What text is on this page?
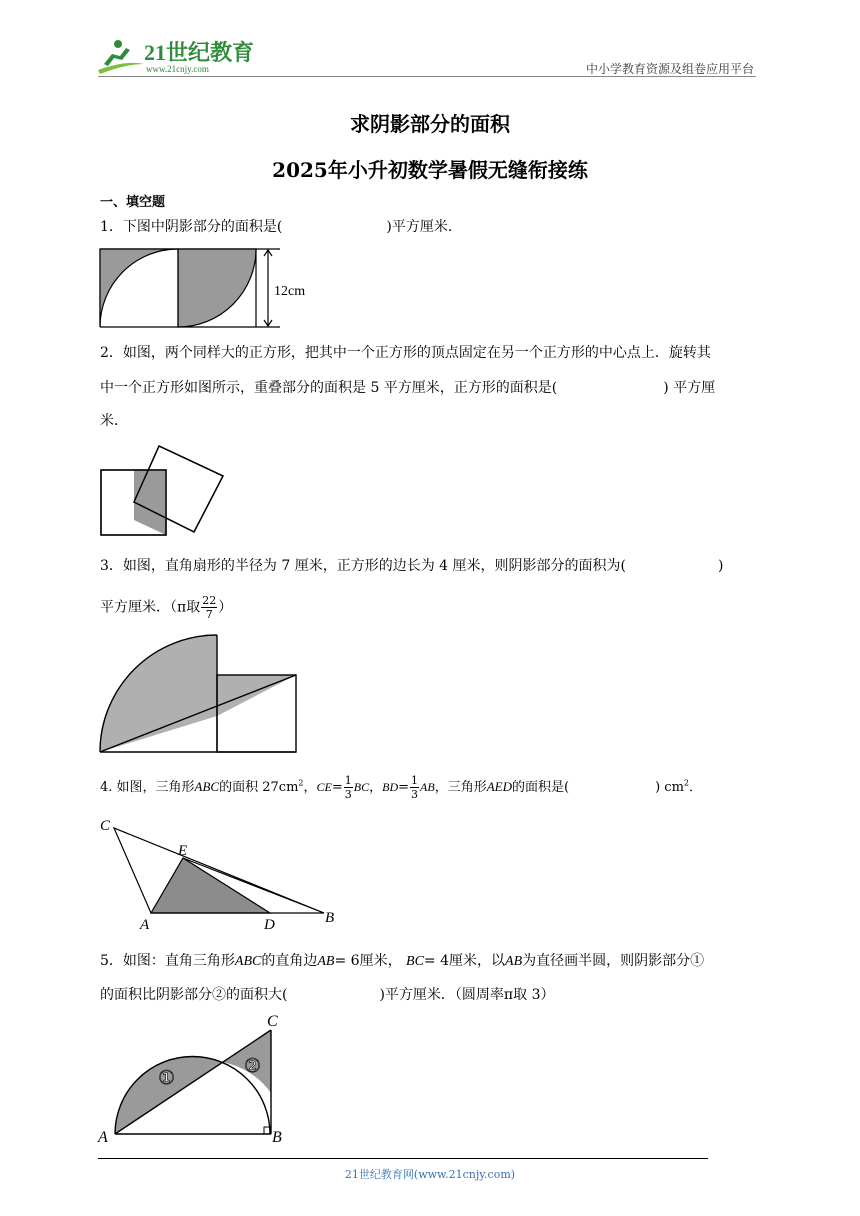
21世纪教育
www.21cnjy.com	中小学教育资源及组卷应用平台
求阴影部分的面积
2025年小升初数学暑假无缝衔接练
一、填空题
1．下图中阴影部分的面积是(	)平方厘米．
12cm
2．如图，两个同样大的正方形，把其中一个正方形的顶点固定在另一个正方形的中心点上．旋转其
中一个正方形如图所示，重叠部分的面积是 5 平方厘米，正方形的面积是(	) 平方厘
米．
3．如图，直角扇形的半径为 7 厘米，正方形的边长为 4 厘米，则阴影部分的面积为(	)
平方厘米．（π取 $\frac{22}{7}$ ）
4. 如图，三角形ABC的面积 $27cm^2$，$CE= \frac{1}{3}$ BC，$BD= \frac{1}{3}$ AB，三角形AED的面积是(	) $cm^2$．
C
E
A	D	B
5．如图：直角三角形ABC的直角边AB= 6厘米， BC= 4厘米，以AB为直径画半圆，则阴影部分①
的面积比阴影部分②的面积大(	)平方厘米．（圆周率π取 3）
①
②
C
A	B
21世纪教育网(www.21cnjy.com)
